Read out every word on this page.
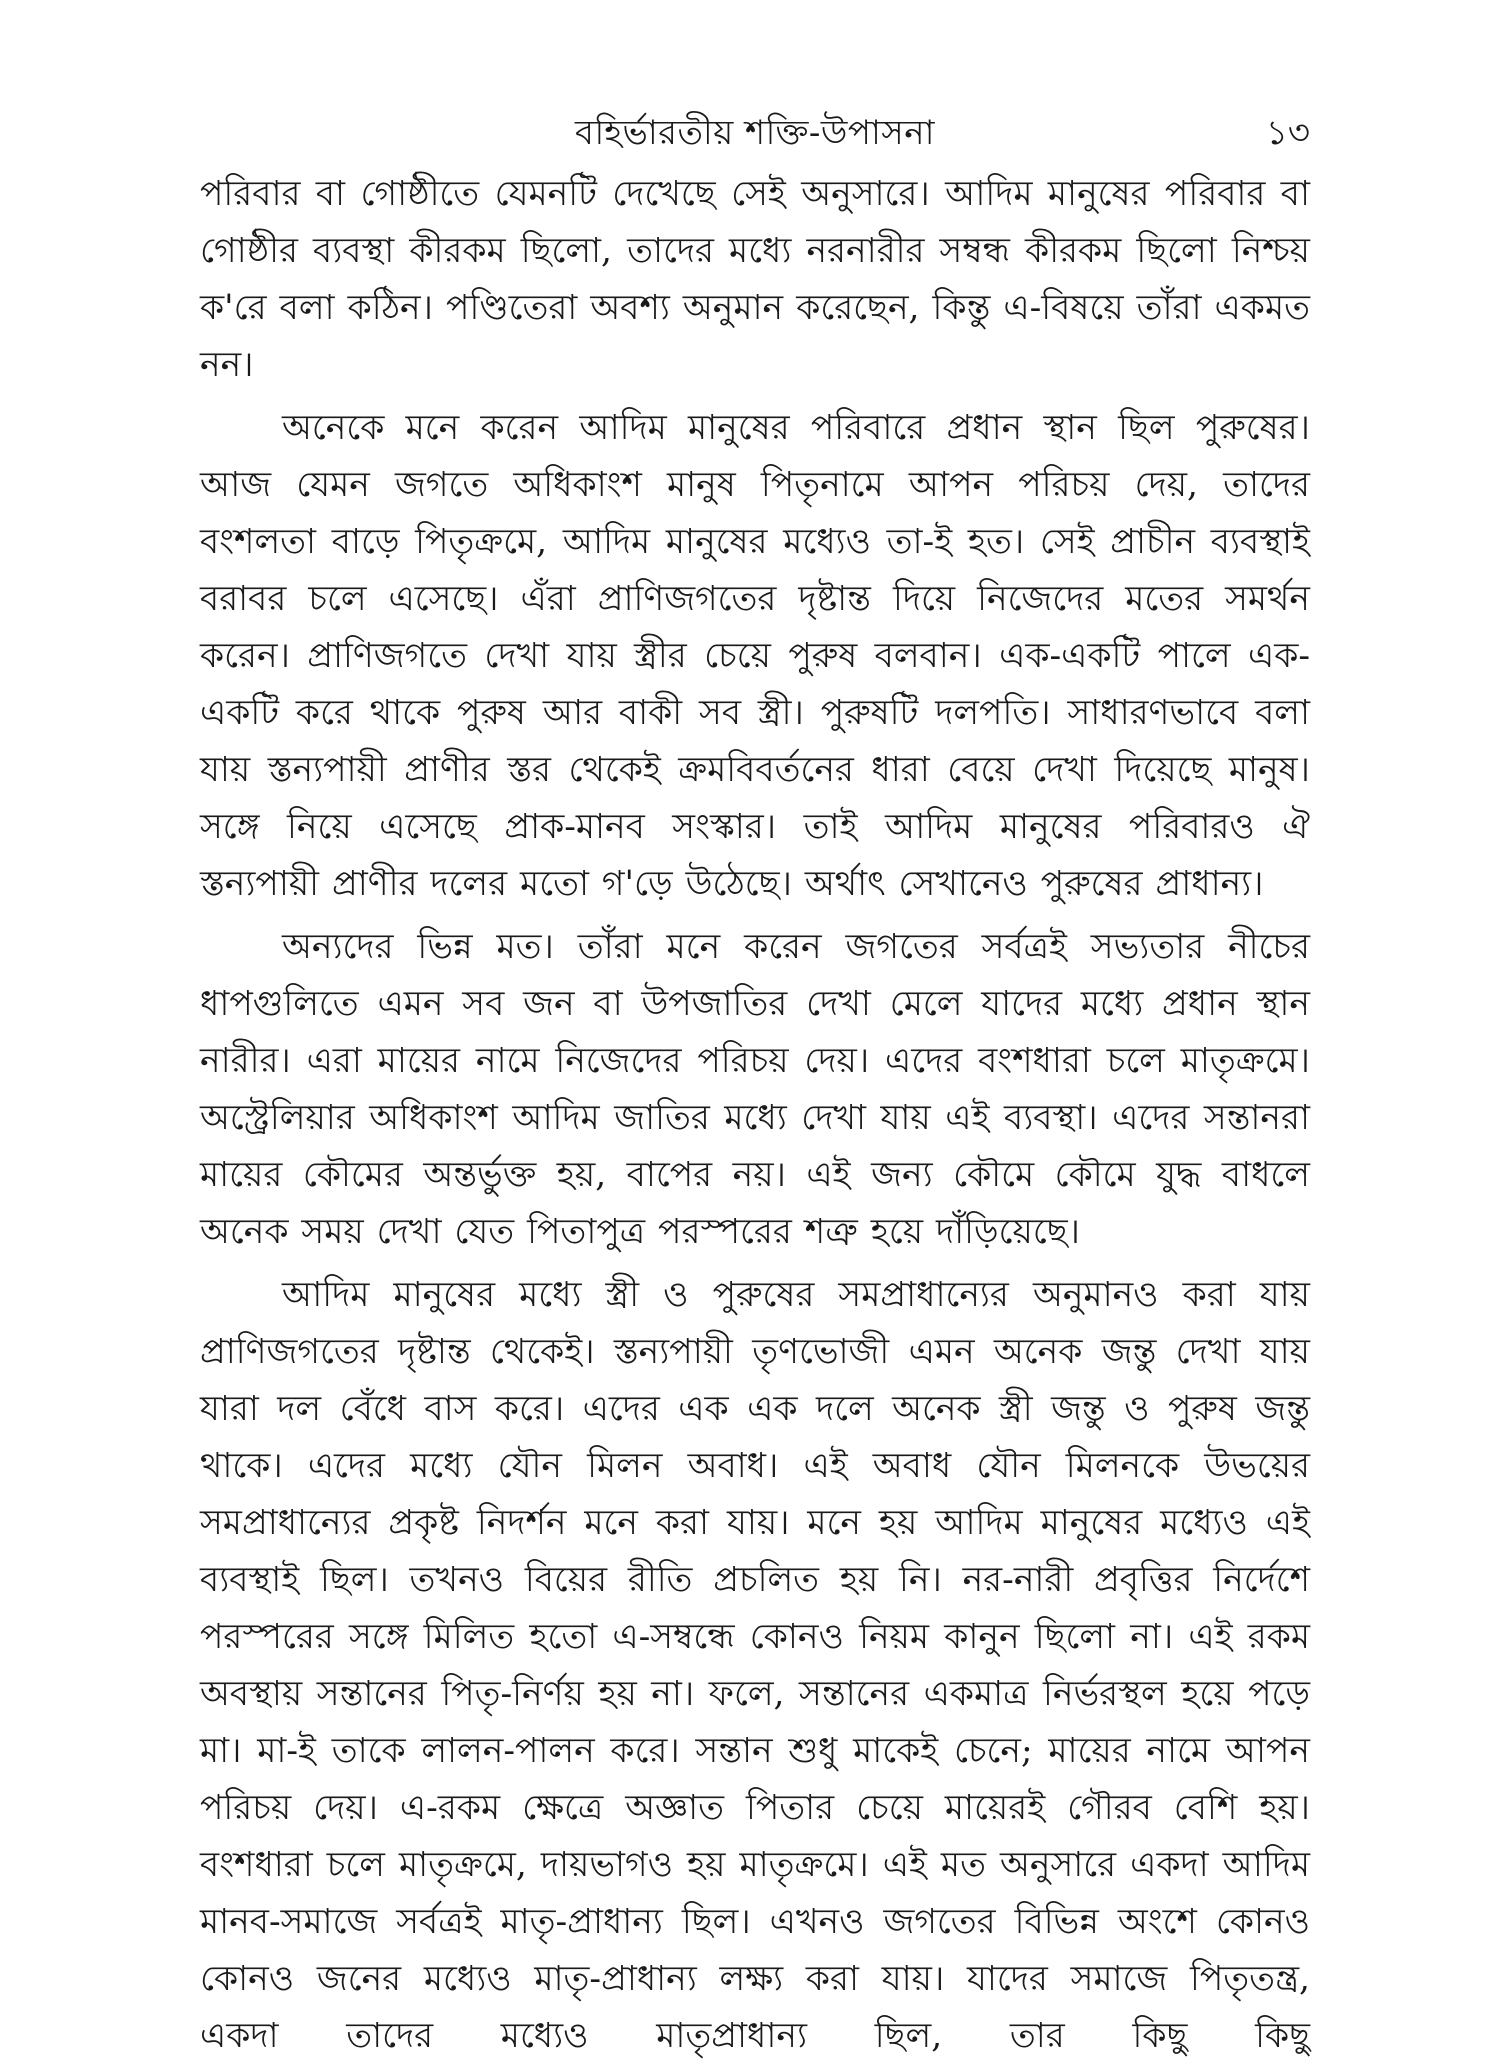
বহির্ভারতীয় শক্তি-উপাসনা	১৩

পরিবার বা গোষ্ঠীতে যেমনটি দেখেছে সেই অনুসারে। আদিম মানুষের পরিবার বা গোষ্ঠীর ব্যবস্থা কীরকম ছিলো, তাদের মধ্যে নরনারীর সম্বন্ধ কীরকম ছিলো নিশ্চয় ক'রে বলা কঠিন। পণ্ডিতেরা অবশ্য অনুমান করেছেন, কিন্তু এ-বিষয়ে তাঁরা একমত নন।

অনেকে মনে করেন আদিম মানুষের পরিবারে প্রধান স্থান ছিল পুরুষের। আজ যেমন জগতে অধিকাংশ মানুষ পিতৃনামে আপন পরিচয় দেয়, তাদের বংশলতা বাড়ে পিতৃক্রমে, আদিম মানুষের মধ্যেও তা-ই হত। সেই প্রাচীন ব্যবস্থাই বরাবর চলে এসেছে। এঁরা প্রাণিজগতের দৃষ্টান্ত দিয়ে নিজেদের মতের সমর্থন করেন। প্রাণিজগতে দেখা যায় স্ত্রীর চেয়ে পুরুষ বলবান। এক-একটি পালে এক-একটি করে থাকে পুরুষ আর বাকী সব স্ত্রী। পুরুষটি দলপতি। সাধারণভাবে বলা যায় স্তন্যপায়ী প্রাণীর স্তর থেকেই ক্রমবিবর্তনের ধারা বেয়ে দেখা দিয়েছে মানুষ। সঙ্গে নিয়ে এসেছে প্রাক-মানব সংস্কার। তাই আদিম মানুষের পরিবারও ঐ স্তন্যপায়ী প্রাণীর দলের মতো গ'ড়ে উঠেছে। অর্থাৎ সেখানেও পুরুষের প্রাধান্য।

অন্যদের ভিন্ন মত। তাঁরা মনে করেন জগতের সর্বত্রই সভ্যতার নীচের ধাপগুলিতে এমন সব জন বা উপজাতির দেখা মেলে যাদের মধ্যে প্রধান স্থান নারীর। এরা মায়ের নামে নিজেদের পরিচয় দেয়। এদের বংশধারা চলে মাতৃক্রমে। অস্ট্রেলিয়ার অধিকাংশ আদিম জাতির মধ্যে দেখা যায় এই ব্যবস্থা। এদের সন্তানরা মায়ের কৌমের অন্তর্ভুক্ত হয়, বাপের নয়। এই জন্য কৌমে কৌমে যুদ্ধ বাধলে অনেক সময় দেখা যেত পিতাপুত্র পরস্পরের শত্রু হয়ে দাঁড়িয়েছে।

আদিম মানুষের মধ্যে স্ত্রী ও পুরুষের সমপ্রাধান্যের অনুমানও করা যায় প্রাণিজগতের দৃষ্টান্ত থেকেই। স্তন্যপায়ী তৃণভোজী এমন অনেক জন্তু দেখা যায় যারা দল বেঁধে বাস করে। এদের এক এক দলে অনেক স্ত্রী জন্তু ও পুরুষ জন্তু থাকে। এদের মধ্যে যৌন মিলন অবাধ। এই অবাধ যৌন মিলনকে উভয়ের সমপ্রাধান্যের প্রকৃষ্ট নিদর্শন মনে করা যায়। মনে হয় আদিম মানুষের মধ্যেও এই ব্যবস্থাই ছিল। তখনও বিয়ের রীতি প্রচলিত হয় নি। নর-নারী প্রবৃত্তির নির্দেশে পরস্পরের সঙ্গে মিলিত হতো এ-সম্বন্ধে কোনও নিয়ম কানুন ছিলো না। এই রকম অবস্থায় সন্তানের পিতৃ-নির্ণয় হয় না। ফলে, সন্তানের একমাত্র নির্ভরস্থল হয়ে পড়ে মা। মা-ই তাকে লালন-পালন করে। সন্তান শুধু মাকেই চেনে; মায়ের নামে আপন পরিচয় দেয়। এ-রকম ক্ষেত্রে অজ্ঞাত পিতার চেয়ে মায়েরই গৌরব বেশি হয়। বংশধারা চলে মাতৃক্রমে, দায়ভাগও হয় মাতৃক্রমে। এই মত অনুসারে একদা আদিম মানব-সমাজে সর্বত্রই মাতৃ-প্রাধান্য ছিল। এখনও জগতের বিভিন্ন অংশে কোনও কোনও জনের মধ্যেও মাতৃ-প্রাধান্য লক্ষ্য করা যায়। যাদের সমাজে পিতৃতন্ত্র, একদা তাদের মধ্যেও মাতৃপ্রাধান্য ছিল, তার কিছু কিছু
